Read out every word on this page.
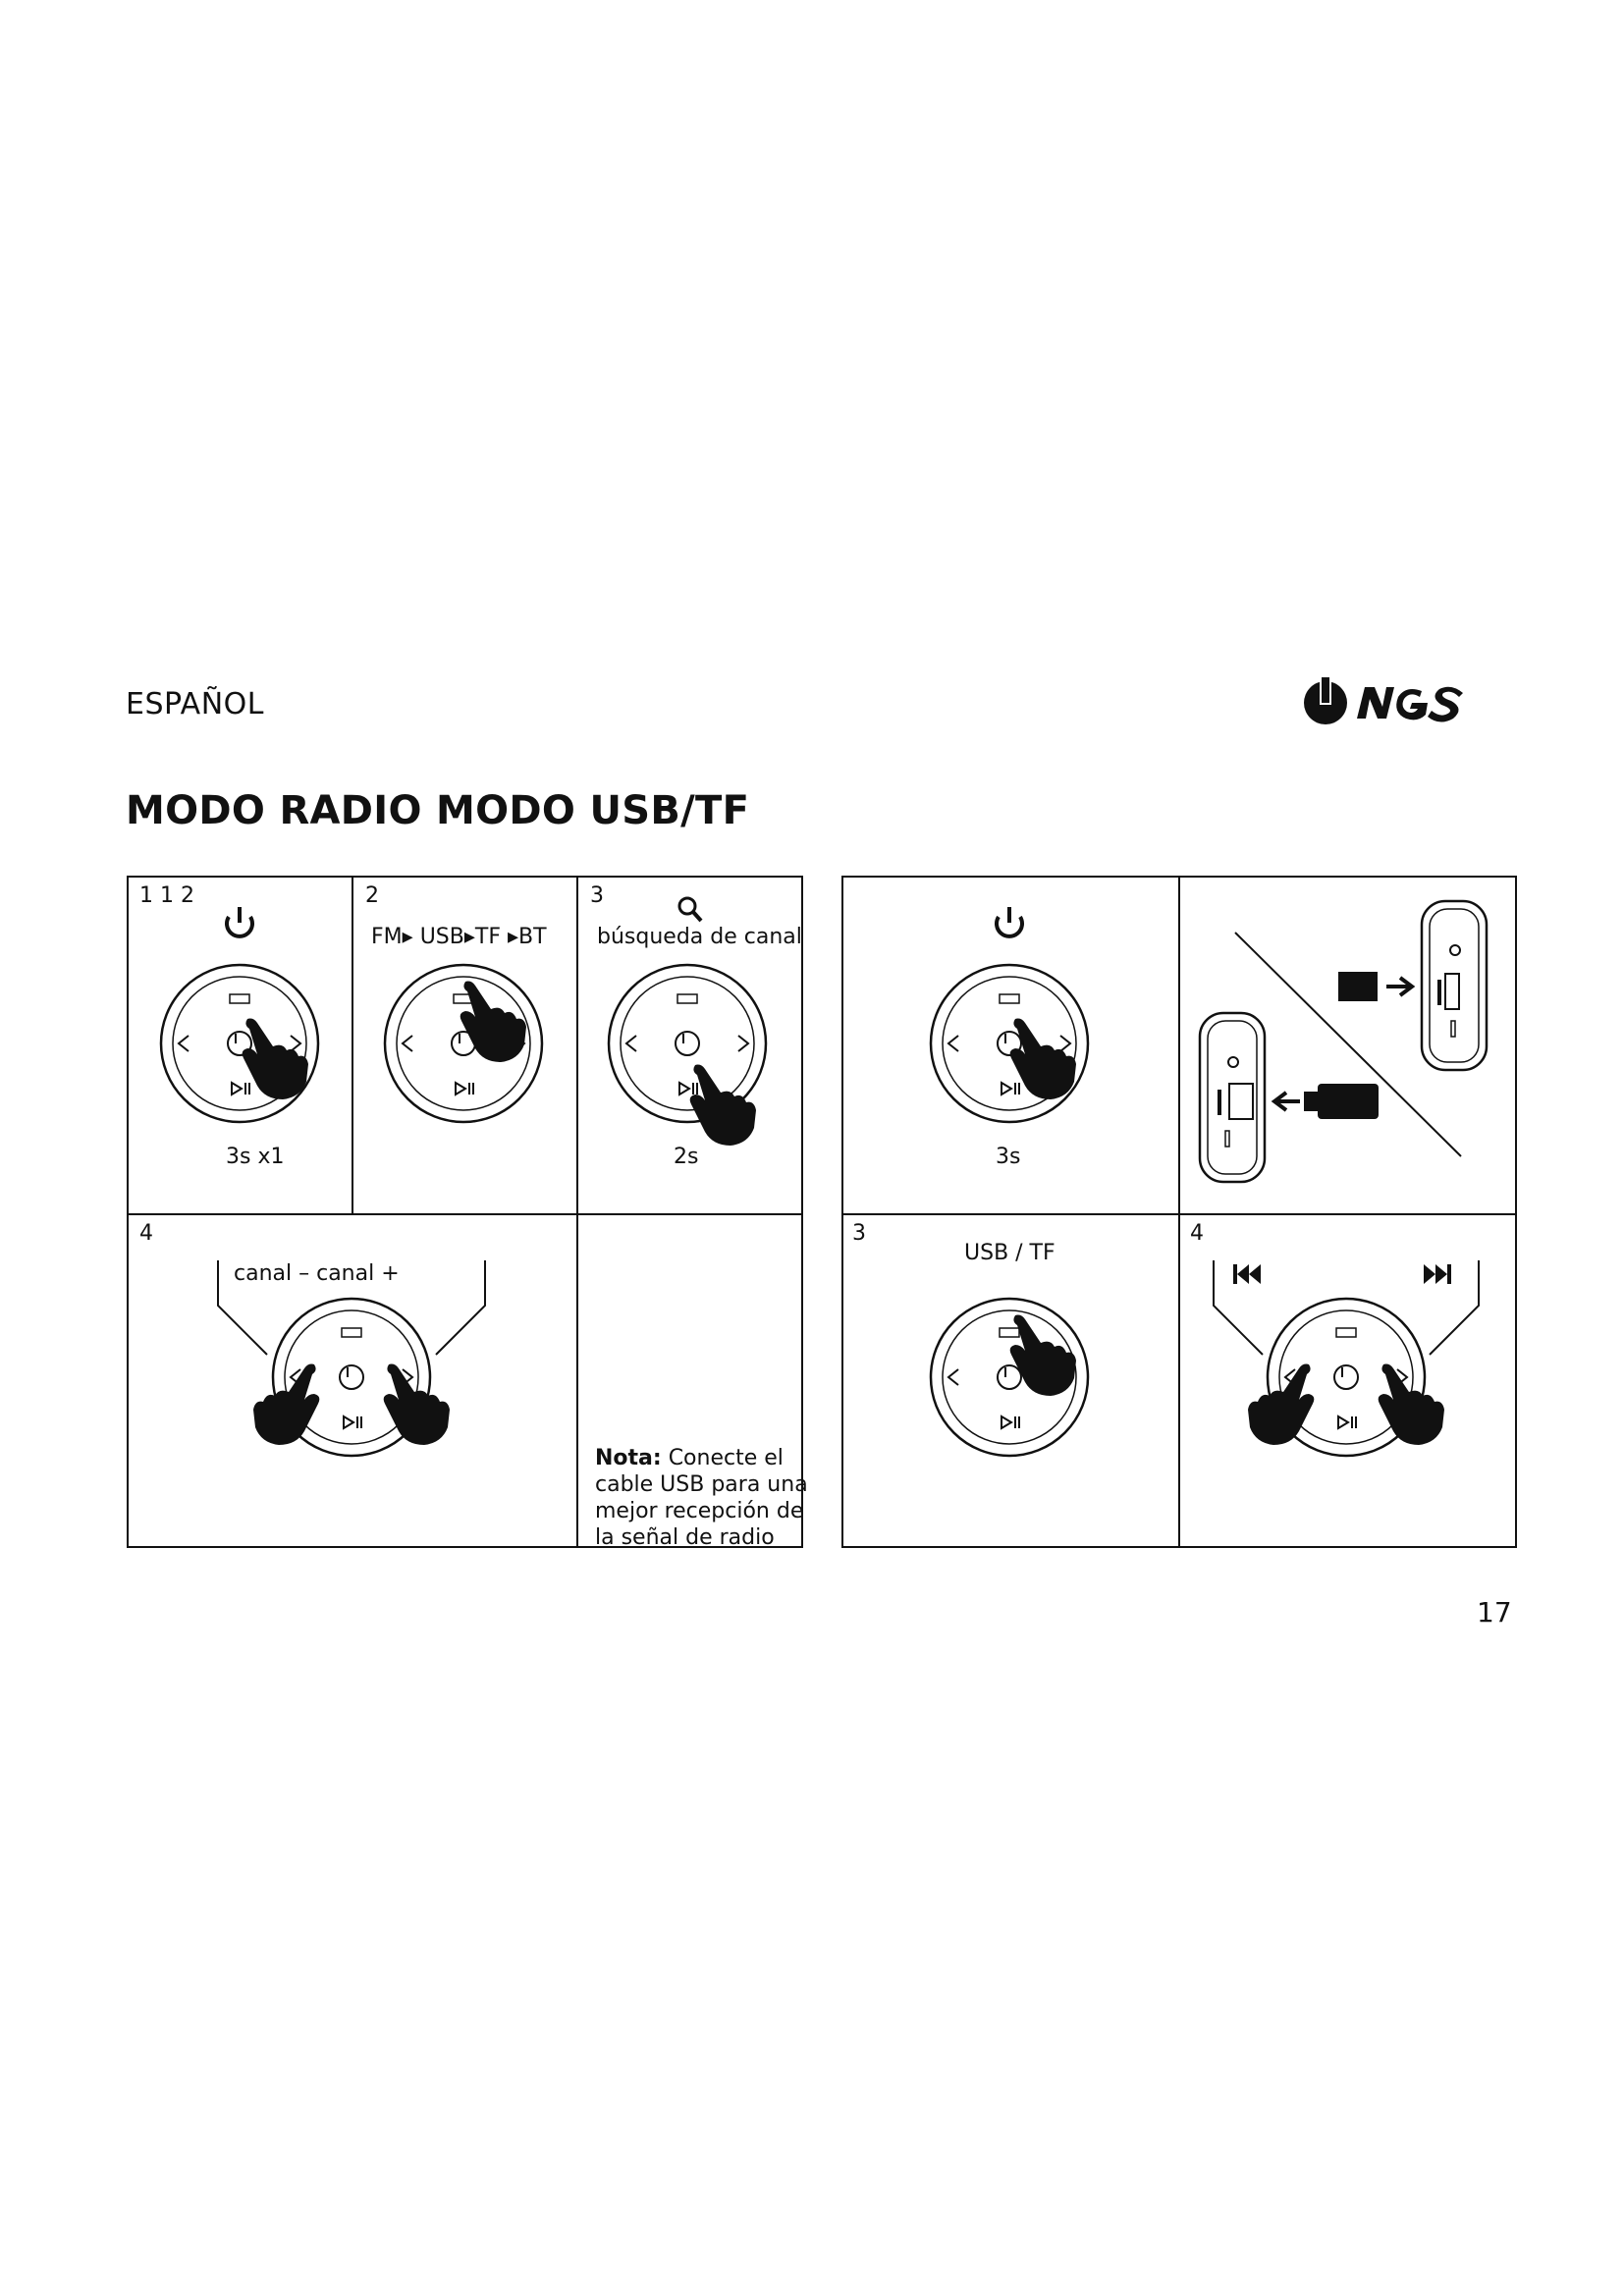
ESPAÑOL
MODO RADIO MODO USB/TF
1 1 2
3s x1
2
FM▸ USB▸TF ▸BT
3
búsqueda de canal
2s
4
canal – canal +

Nota: Conecte el cable USB para una mejor recepción de la señal de radio

3s
3
USB / TF
4
17
